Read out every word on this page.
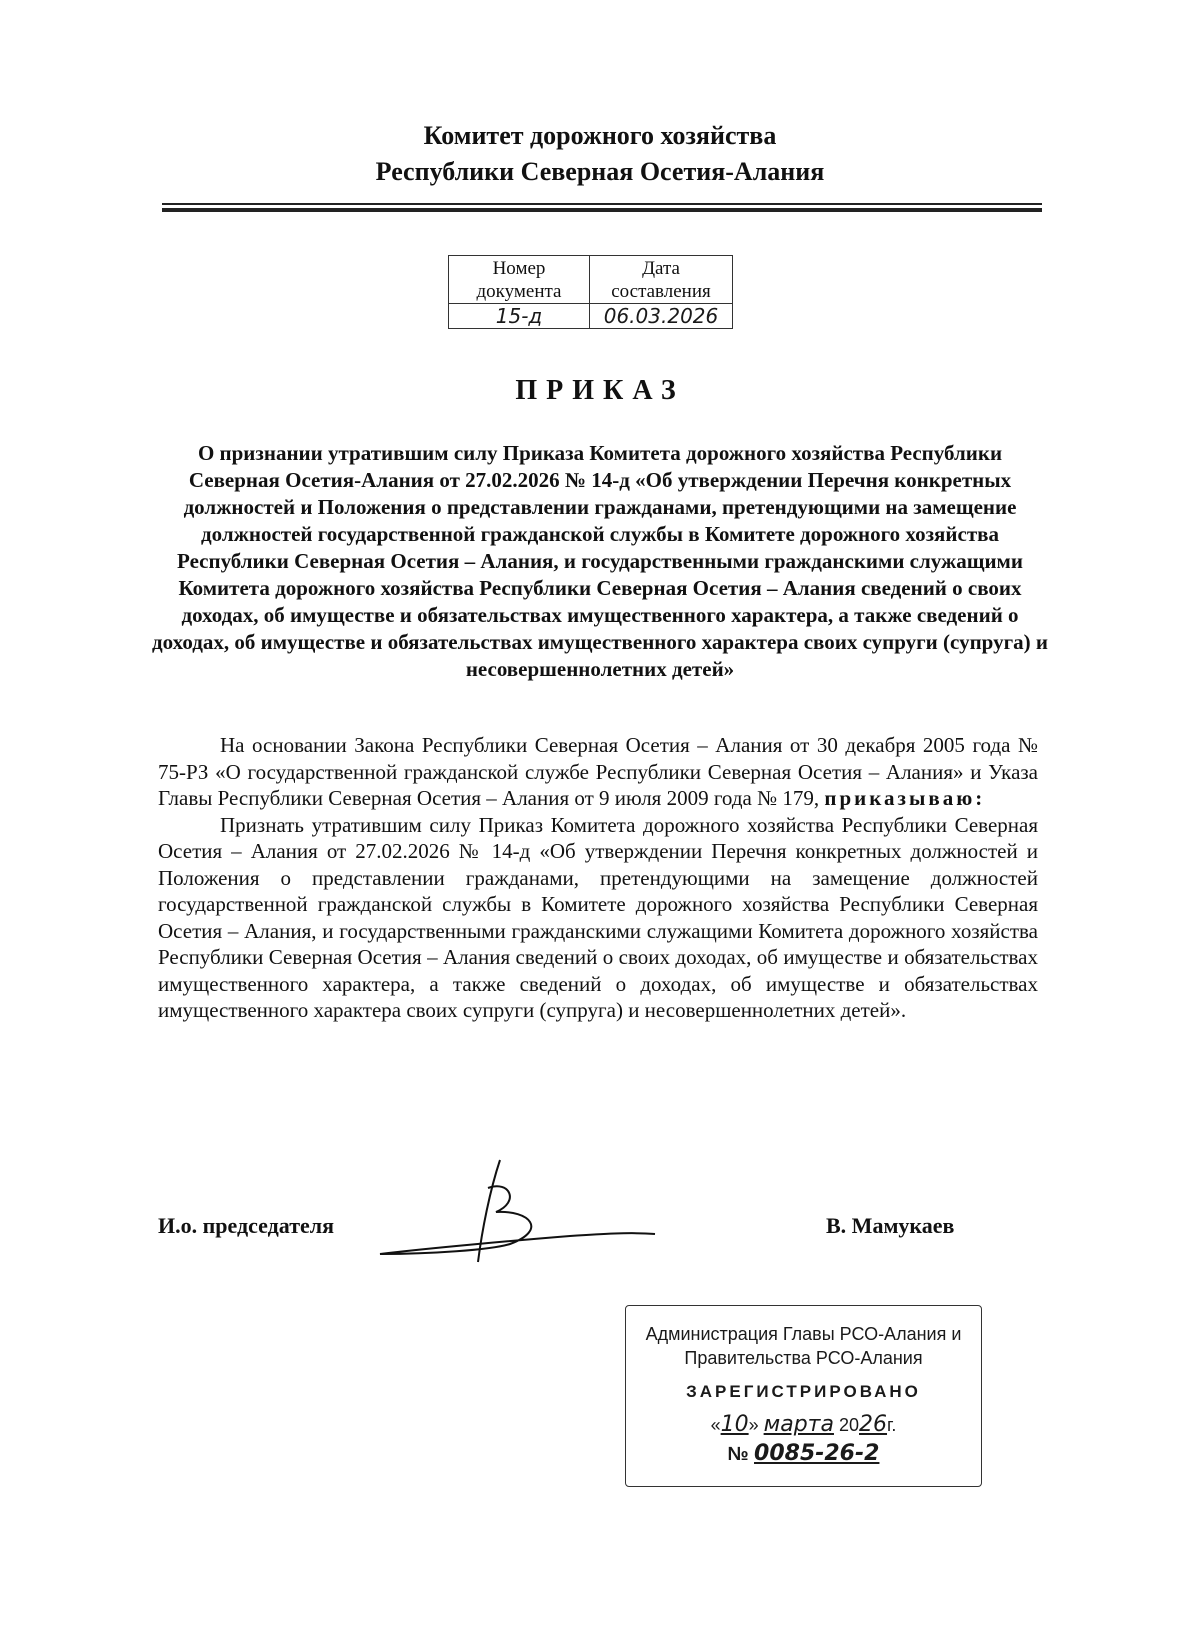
Комитет дорожного хозяйства
Республики Северная Осетия-Алания
Номер документа	Дата составления
15-д	06.03.2026
ПРИКАЗ
О признании утратившим силу Приказа Комитета дорожного хозяйства Республики Северная Осетия-Алания от 27.02.2026 № 14-д «Об утверждении Перечня конкретных должностей и Положения о представлении гражданами, претендующими на замещение должностей государственной гражданской службы в Комитете дорожного хозяйства Республики Северная Осетия – Алания, и государственными гражданскими служащими Комитета дорожного хозяйства Республики Северная Осетия – Алания сведений о своих доходах, об имуществе и обязательствах имущественного характера, а также сведений о доходах, об имуществе и обязательствах имущественного характера своих супруги (супруга) и несовершеннолетних детей»

На основании Закона Республики Северная Осетия – Алания от 30 декабря 2005 года № 75-РЗ «О государственной гражданской службе Республики Северная Осетия – Алания» и Указа Главы Республики Северная Осетия – Алания от 9 июля 2009 года № 179, приказываю:

Признать утратившим силу Приказ Комитета дорожного хозяйства Республики Северная Осетия – Алания от 27.02.2026 № 14-д «Об утверждении Перечня конкретных должностей и Положения о представлении гражданами, претендующими на замещение должностей государственной гражданской службы в Комитете дорожного хозяйства Республики Северная Осетия – Алания, и государственными гражданскими служащими Комитета дорожного хозяйства Республики Северная Осетия – Алания сведений о своих доходах, об имуществе и обязательствах имущественного характера, а также сведений о доходах, об имуществе и обязательствах имущественного характера своих супруги (супруга) и несовершеннолетних детей».

И.о. председателя	В. Мамукаев
Администрация Главы РСО-Алания и
Правительства РСО-Алания
ЗАРЕГИСТРИРОВАНО
«10» марта 2026г.
№ 0085-26-2
